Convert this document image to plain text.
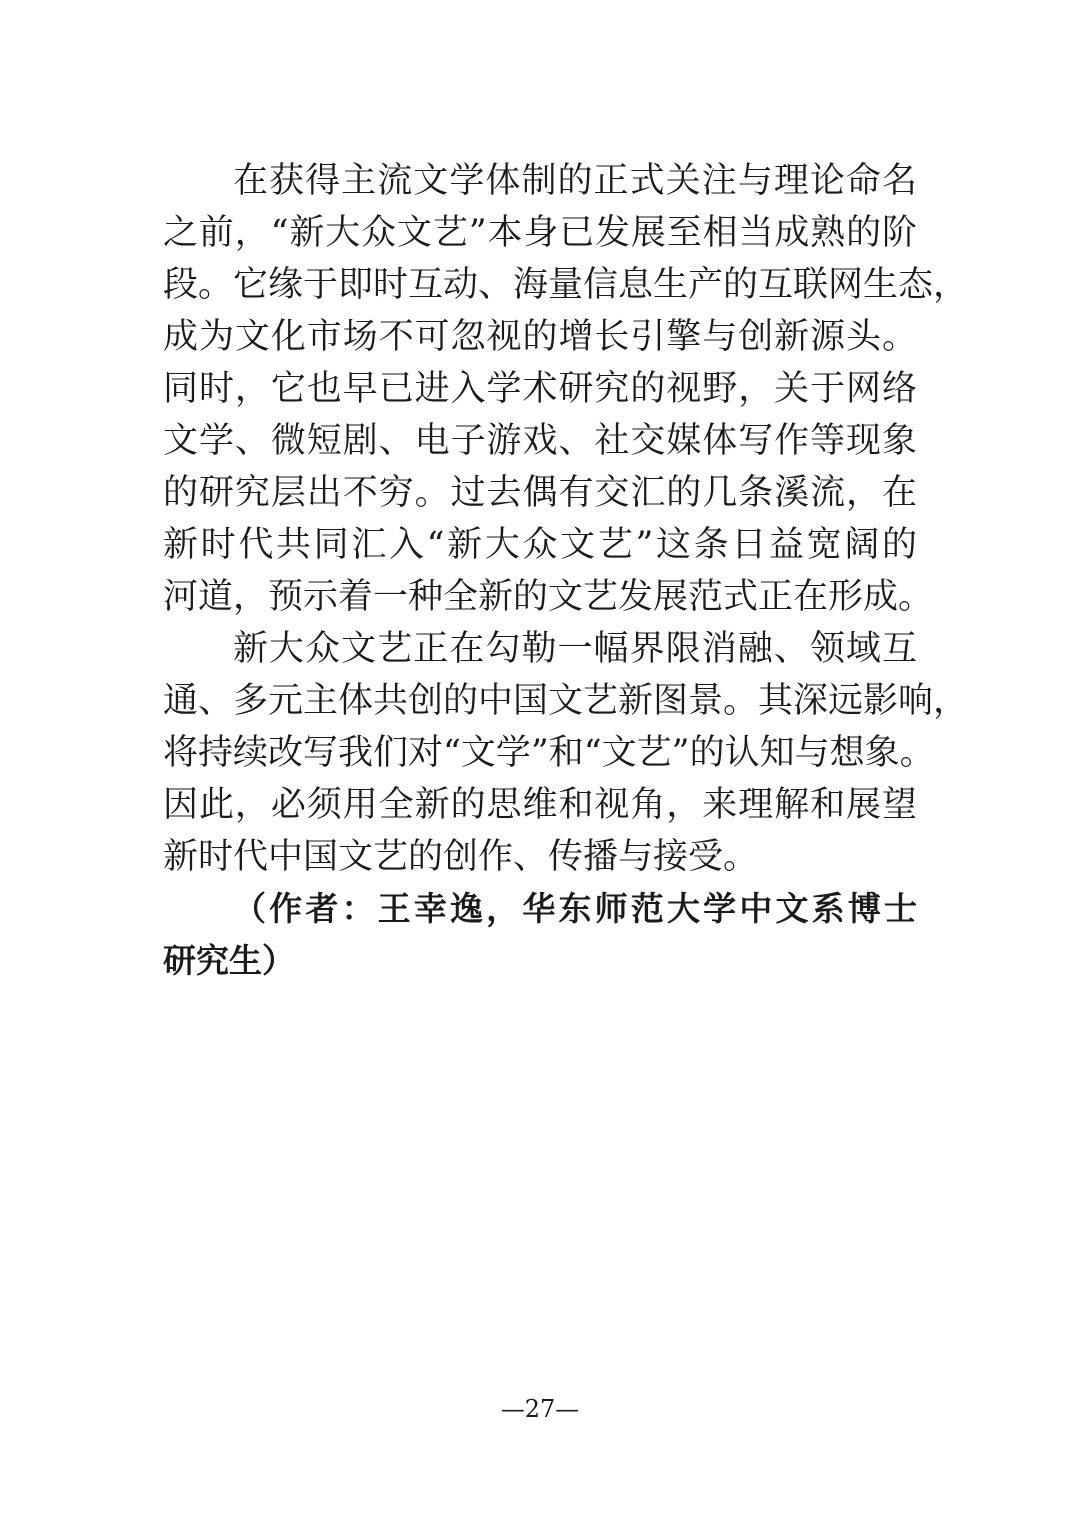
在获得主流文学体制的正式关注与理论命名
之前，“新大众文艺”本身已发展至相当成熟的阶
段。它缘于即时互动、海量信息生产的互联网生态，
成为文化市场不可忽视的增长引擎与创新源头。
同时，它也早已进入学术研究的视野，关于网络
文学、微短剧、电子游戏、社交媒体写作等现象
的研究层出不穷。过去偶有交汇的几条溪流，在
新时代共同汇入“新大众文艺”这条日益宽阔的
河道，预示着一种全新的文艺发展范式正在形成。
新大众文艺正在勾勒一幅界限消融、领域互
通、多元主体共创的中国文艺新图景。其深远影响，
将持续改写我们对“文学”和“文艺”的认知与想象。
因此，必须用全新的思维和视角，来理解和展望
新时代中国文艺的创作、传播与接受。
（作者：王幸逸，华东师范大学中文系博士
研究生）
—27—
